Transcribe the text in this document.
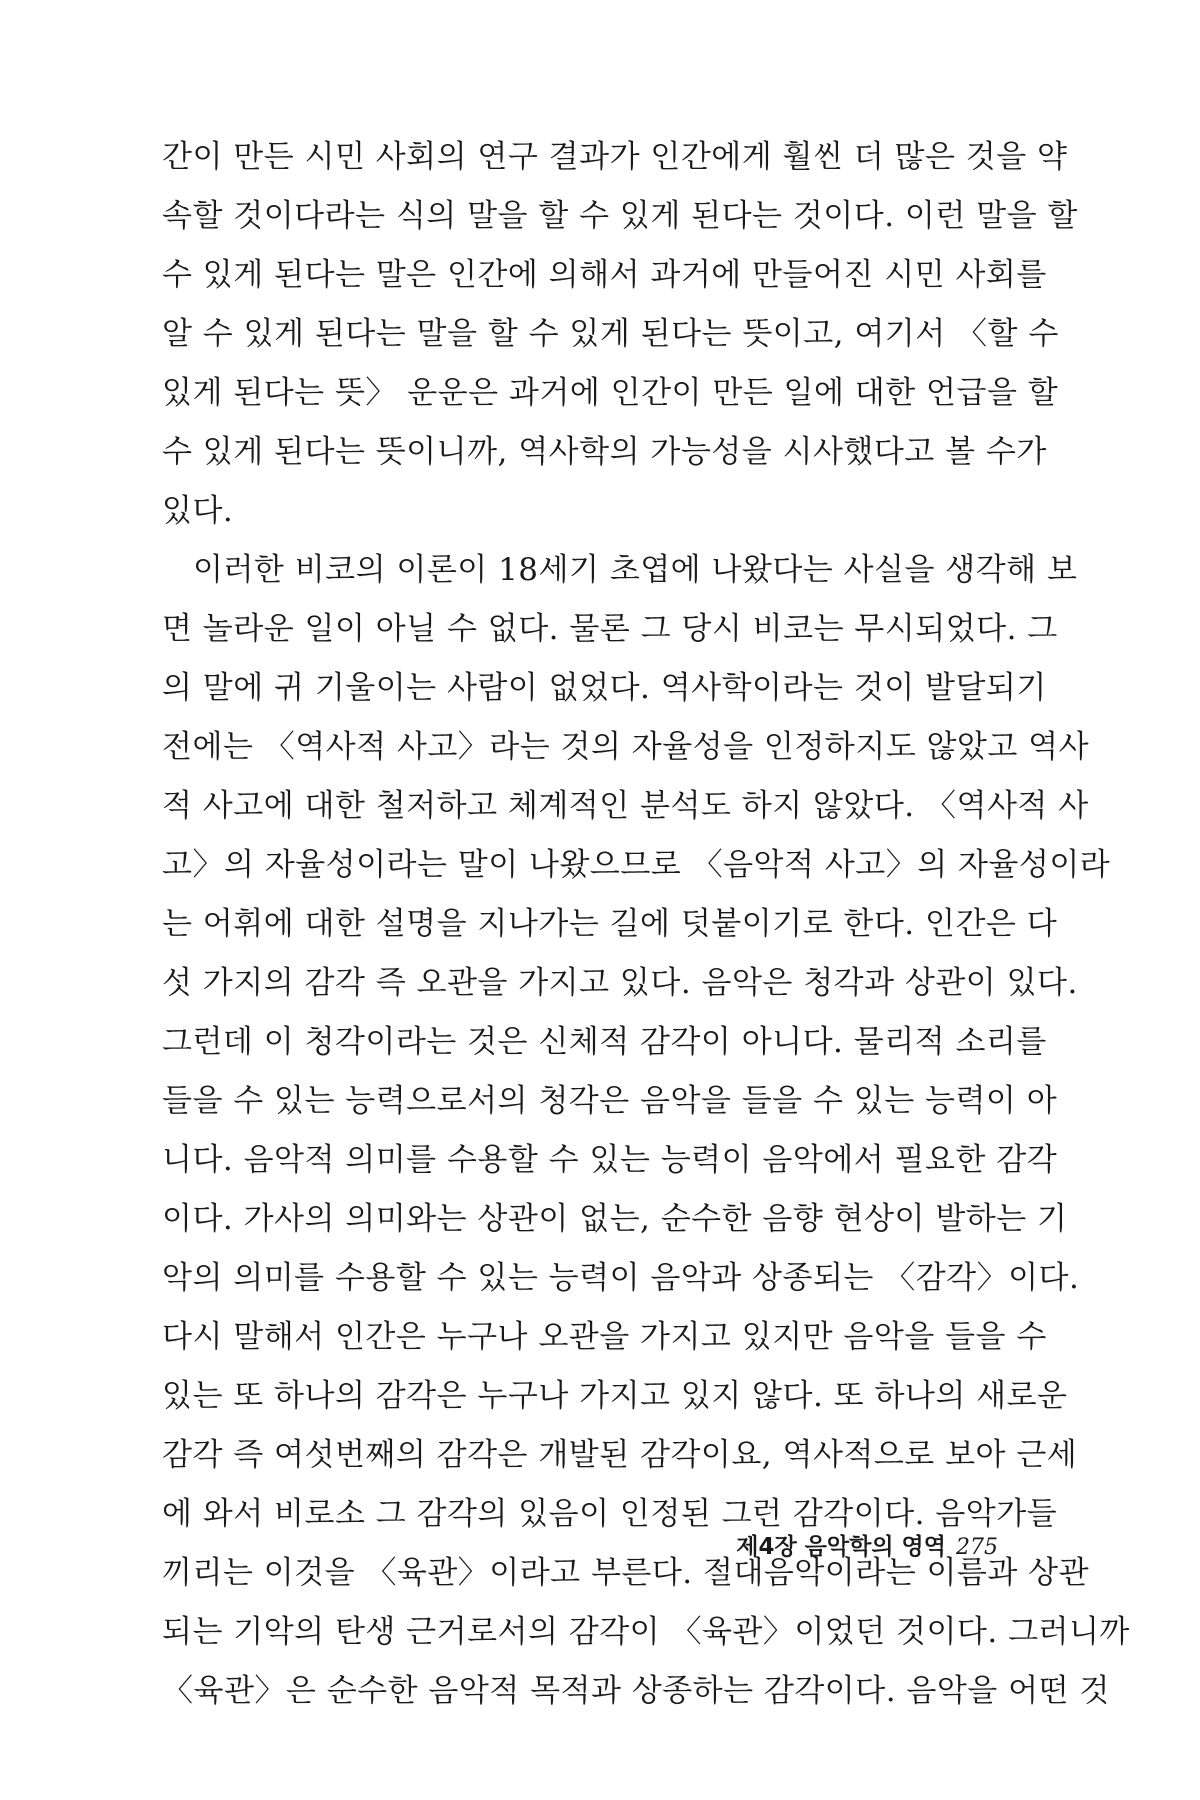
간이 만든 시민 사회의 연구 결과가 인간에게 훨씬 더 많은 것을 약
속할 것이다라는 식의 말을 할 수 있게 된다는 것이다. 이런 말을 할
수 있게 된다는 말은 인간에 의해서 과거에 만들어진 시민 사회를
알 수 있게 된다는 말을 할 수 있게 된다는 뜻이고, 여기서 〈할 수
있게 된다는 뜻〉 운운은 과거에 인간이 만든 일에 대한 언급을 할
수 있게 된다는 뜻이니까, 역사학의 가능성을 시사했다고 볼 수가
있다.
이러한 비코의 이론이 18세기 초엽에 나왔다는 사실을 생각해 보
면 놀라운 일이 아닐 수 없다. 물론 그 당시 비코는 무시되었다. 그
의 말에 귀 기울이는 사람이 없었다. 역사학이라는 것이 발달되기
전에는 〈역사적 사고〉라는 것의 자율성을 인정하지도 않았고 역사
적 사고에 대한 철저하고 체계적인 분석도 하지 않았다. 〈역사적 사
고〉의 자율성이라는 말이 나왔으므로 〈음악적 사고〉의 자율성이라
는 어휘에 대한 설명을 지나가는 길에 덧붙이기로 한다. 인간은 다
섯 가지의 감각 즉 오관을 가지고 있다. 음악은 청각과 상관이 있다.
그런데 이 청각이라는 것은 신체적 감각이 아니다. 물리적 소리를
들을 수 있는 능력으로서의 청각은 음악을 들을 수 있는 능력이 아
니다. 음악적 의미를 수용할 수 있는 능력이 음악에서 필요한 감각
이다. 가사의 의미와는 상관이 없는, 순수한 음향 현상이 발하는 기
악의 의미를 수용할 수 있는 능력이 음악과 상종되는 〈감각〉이다.
다시 말해서 인간은 누구나 오관을 가지고 있지만 음악을 들을 수
있는 또 하나의 감각은 누구나 가지고 있지 않다. 또 하나의 새로운
감각 즉 여섯번째의 감각은 개발된 감각이요, 역사적으로 보아 근세
에 와서 비로소 그 감각의 있음이 인정된 그런 감각이다. 음악가들
끼리는 이것을 〈육관〉이라고 부른다. 절대음악이라는 이름과 상관
되는 기악의 탄생 근거로서의 감각이 〈육관〉이었던 것이다. 그러니까
〈육관〉은 순수한 음악적 목적과 상종하는 감각이다. 음악을 어떤 것
제4장 음악학의 영역 275
